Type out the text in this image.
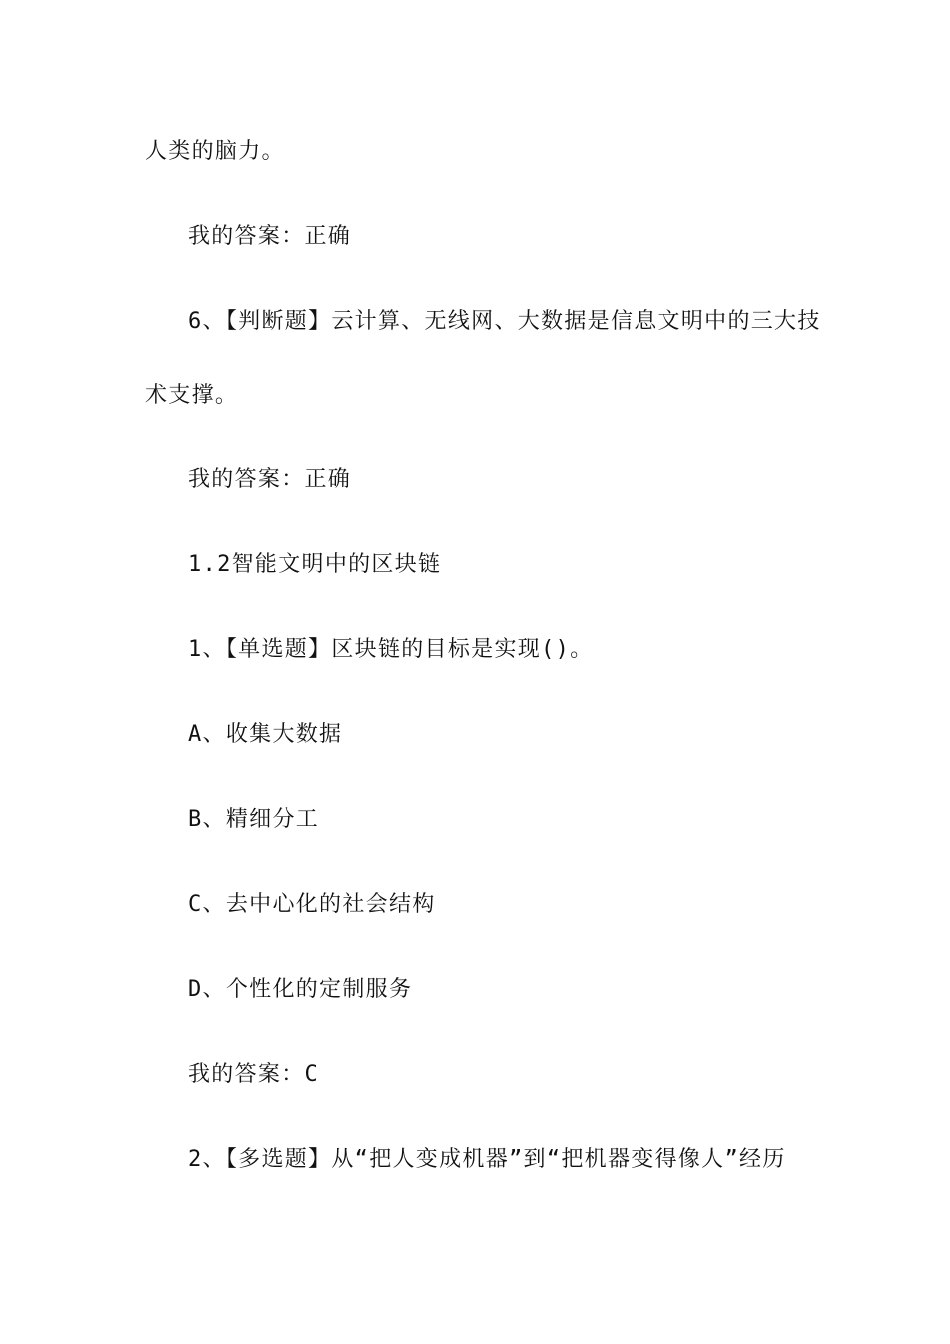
人类的脑力。
我的答案：正确
6、【判断题】云计算、无线网、大数据是信息文明中的三大技
术支撑。
我的答案：正确
1.2智能文明中的区块链
1、【单选题】区块链的目标是实现()。
A、收集大数据
B、精细分工
C、去中心化的社会结构
D、个性化的定制服务
我的答案：C
2、【多选题】从“把人变成机器”到“把机器变得像人”经历
